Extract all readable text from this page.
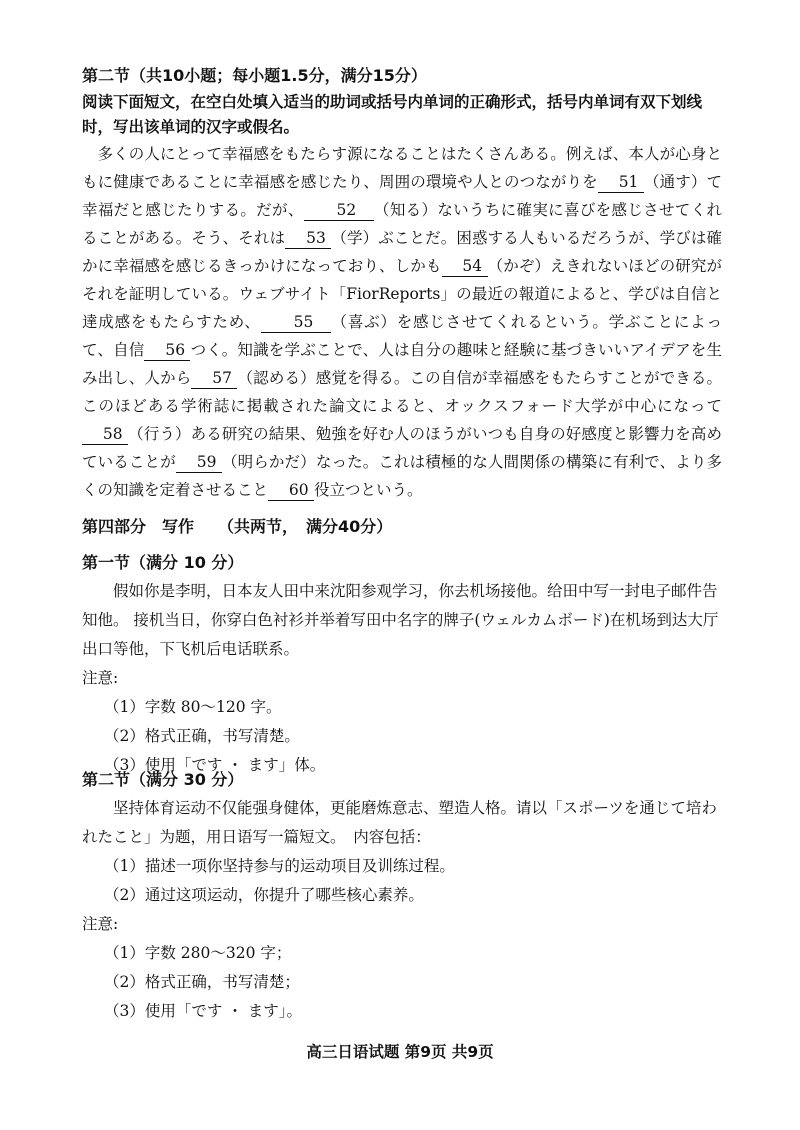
第二节（共10小题；每小题1.5分，满分15分）
阅读下面短文，在空白处填入适当的助词或括号内单词的正确形式，括号内单词有双下划线时，写出该单词的汉字或假名。

多くの人にとって幸福感をもたらす源になることはたくさんある。例えば、本人が心身ともに健康であることに幸福感を感じたり、周囲の環境や人とのつながりを 51 （通す）て幸福だと感じたりする。だが、 52 （知る）ないうちに確実に喜びを感じさせてくれることがある。そう、それは 53 （学）ぶことだ。困惑する人もいるだろうが、学びは確かに幸福感を感じるきっかけになっており、しかも 54 （かぞ）えきれないほどの研究がそれを証明している。ウェブサイト「FiorReports」の最近の報道によると、学びは自信と達成感をもたらすため、 55 （喜ぶ）を感じさせてくれるという。学ぶことによって、自信 56 つく。知識を学ぶことで、人は自分の趣味と経験に基づきいいアイデアを生み出し、人から 57 （認める）感覚を得る。この自信が幸福感をもたらすことができる。このほどある学術誌に掲載された論文によると、オックスフォード大学が中心になって58 （行う）ある研究の結果、勉強を好む人のほうがいつも自身の好感度と影響力を高めていることが 59 （明らかだ）なった。これは積極的な人間関係の構築に有利で、より多くの知識を定着させること 60 役立つという。

第四部分　写作　　（共两节，　满分40分）

第一节（满分 10 分）

假如你是李明，日本友人田中来沈阳参观学习，你去机场接他。给田中写一封电子邮件告知他。 接机当日，你穿白色衬衫并举着写田中名字的牌子(ウェルカムボード)在机场到达大厅出口等他，下飞机后电话联系。

注意:

（1）字数 80～120 字。

（2）格式正确，书写清楚。

（3）使用「です ・ ます」体。

第二节（满分 30 分）

坚持体育运动不仅能强身健体，更能磨炼意志、塑造人格。请以「スポーツを通じて培われたこと」为题，用日语写一篇短文。　内容包括：

（1）描述一项你坚持参与的运动项目及训练过程。

（2）通过这项运动，你提升了哪些核心素养。

注意:

（1）字数 280～320 字；

（2）格式正确，书写清楚；

（3）使用「です ・ ます」。

高三日语试题 第9页 共9页
